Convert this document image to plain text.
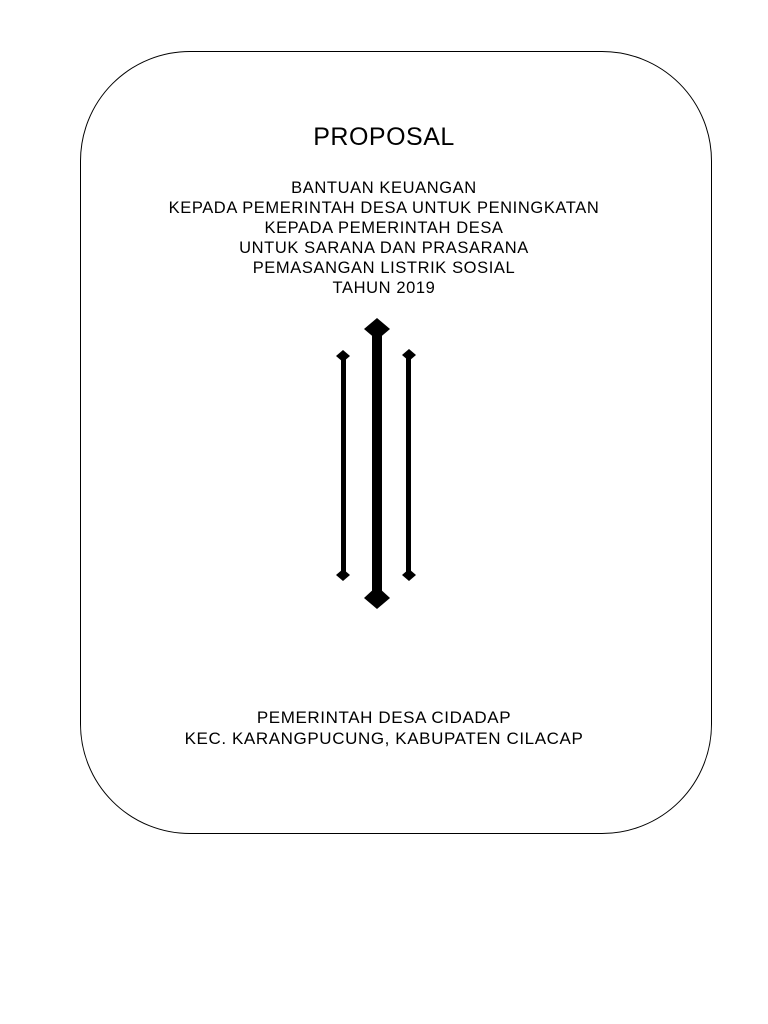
PROPOSAL
BANTUAN KEUANGAN
KEPADA PEMERINTAH DESA UNTUK PENINGKATAN
KEPADA PEMERINTAH DESA
UNTUK SARANA DAN PRASARANA
PEMASANGAN LISTRIK SOSIAL
TAHUN 2019
PEMERINTAH DESA CIDADAP
KEC. KARANGPUCUNG, KABUPATEN CILACAP
